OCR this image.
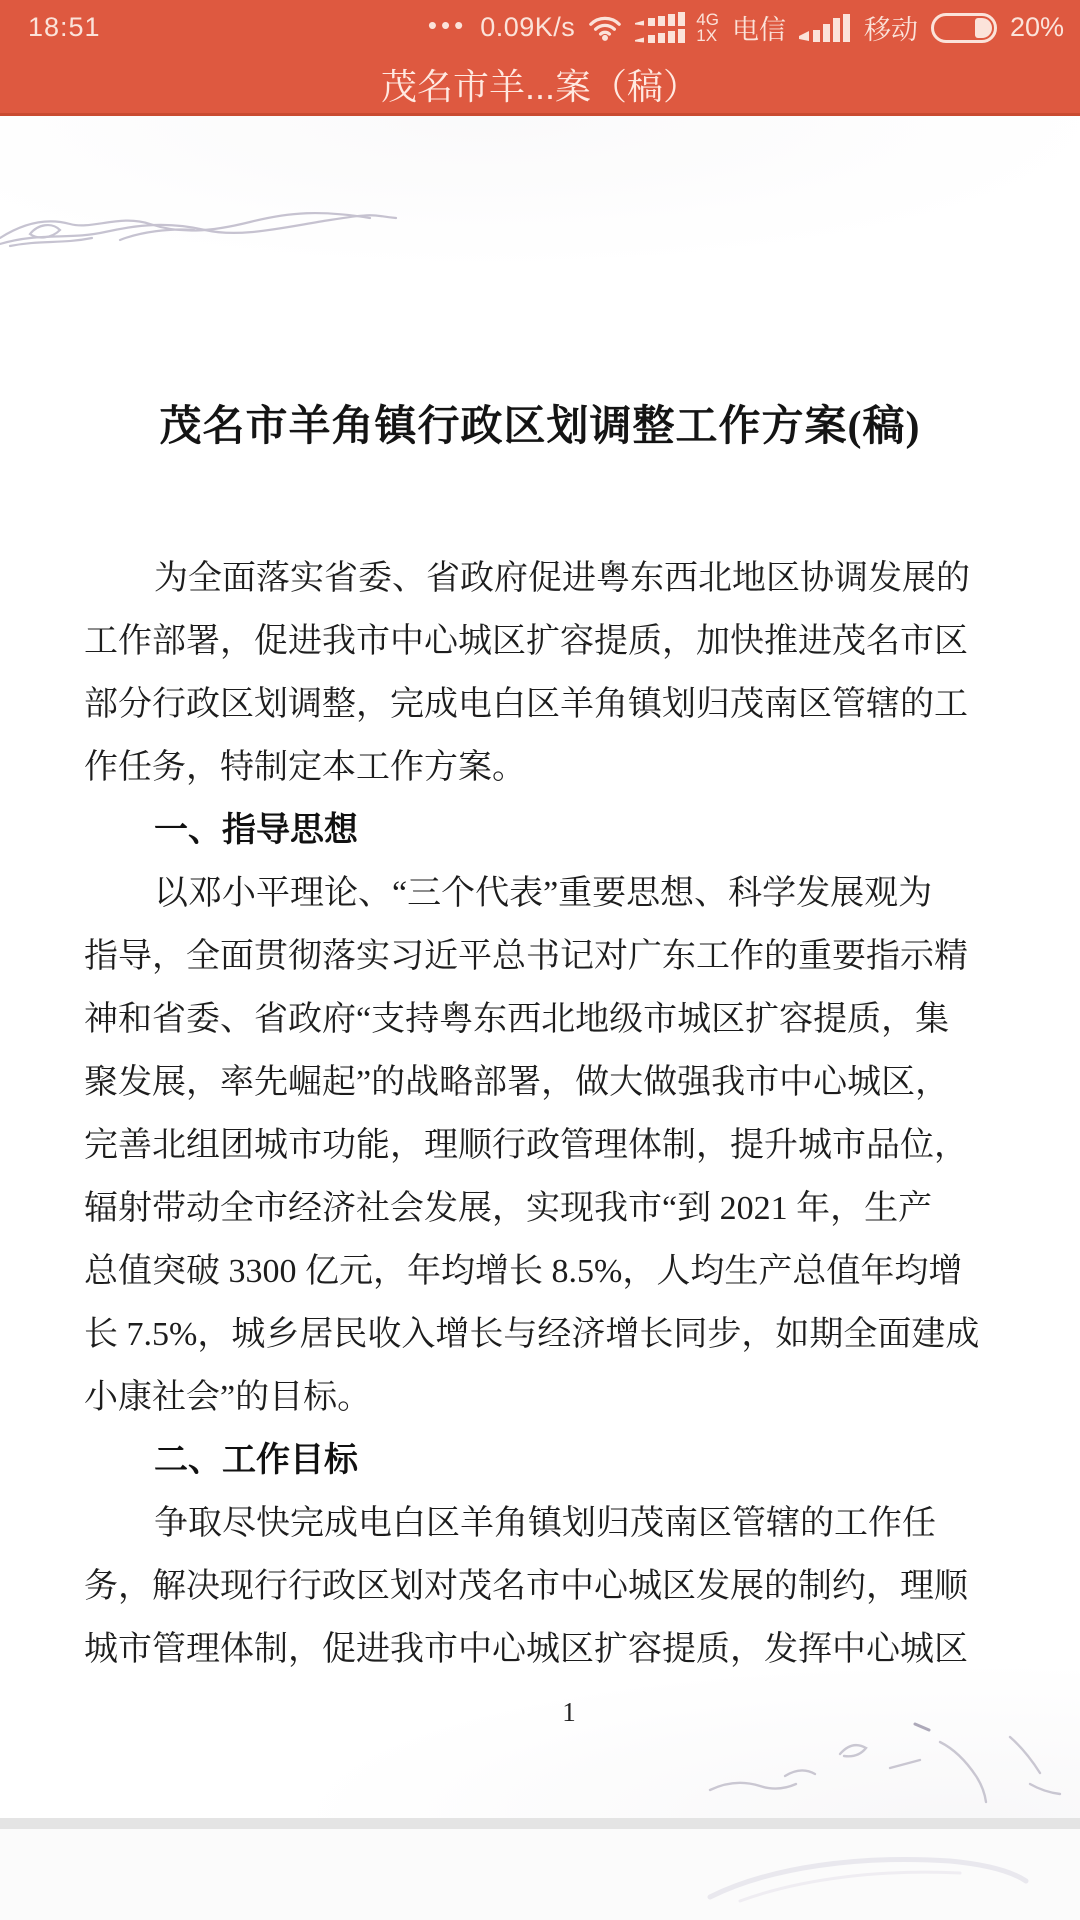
18:51	••• 0.09K/s	4G
1X 电信	移动	20%
茂名市羊...案（稿）
茂名市羊角镇行政区划调整工作方案(稿)
为全面落实省委、省政府促进粤东西北地区协调发展的
工作部署，促进我市中心城区扩容提质，加快推进茂名市区
部分行政区划调整，完成电白区羊角镇划归茂南区管辖的工
作任务，特制定本工作方案。
一、指导思想
以邓小平理论、“三个代表”重要思想、科学发展观为
指导，全面贯彻落实习近平总书记对广东工作的重要指示精
神和省委、省政府“支持粤东西北地级市城区扩容提质，集
聚发展，率先崛起”的战略部署，做大做强我市中心城区，
完善北组团城市功能，理顺行政管理体制，提升城市品位，
辐射带动全市经济社会发展，实现我市“到 2021 年，生产
总值突破 3300 亿元，年均增长 8.5%，人均生产总值年均增
长 7.5%，城乡居民收入增长与经济增长同步，如期全面建成
小康社会”的目标。
二、工作目标
争取尽快完成电白区羊角镇划归茂南区管辖的工作任
务，解决现行行政区划对茂名市中心城区发展的制约，理顺
城市管理体制，促进我市中心城区扩容提质，发挥中心城区
1
